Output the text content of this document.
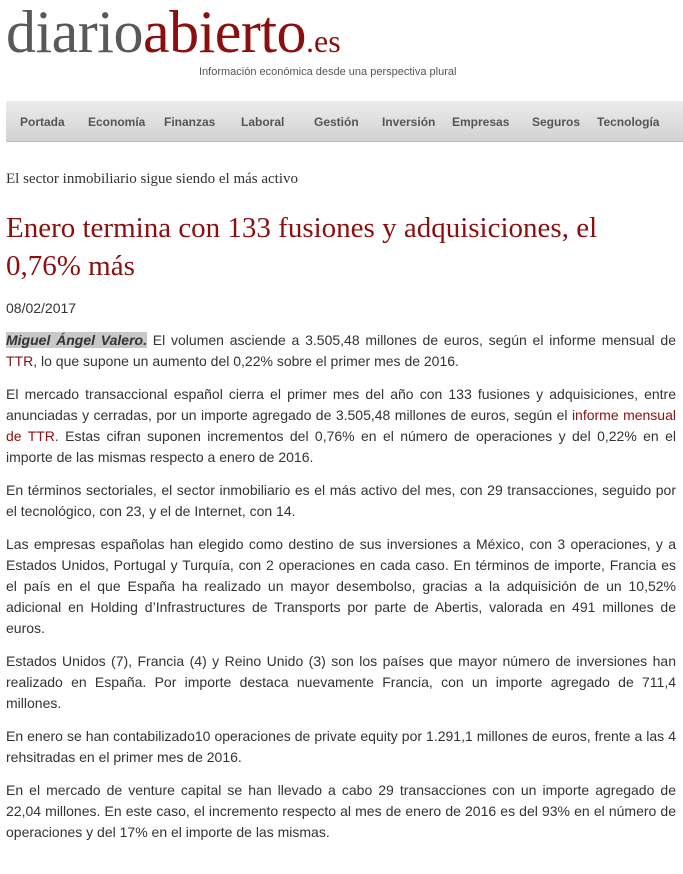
diarioabierto.es
Información económica desde una perspectiva plural
Portada Economía Finanzas Laboral Gestión Inversión Empresas Seguros Tecnología
El sector inmobiliario sigue siendo el más activo
Enero termina con 133 fusiones y adquisiciones, el 0,76% más
08/02/2017

Miguel Ángel Valero. El volumen asciende a 3.505,48 millones de euros, según el informe mensual de TTR, lo que supone un aumento del 0,22% sobre el primer mes de 2016.

El mercado transaccional español cierra el primer mes del año con 133 fusiones y adquisiciones, entre anunciadas y cerradas, por un importe agregado de 3.505,48 millones de euros, según el informe mensual de TTR. Estas cifran suponen incrementos del 0,76% en el número de operaciones y del 0,22% en el importe de las mismas respecto a enero de 2016.

En términos sectoriales, el sector inmobiliario es el más activo del mes, con 29 transacciones, seguido por el tecnológico, con 23, y el de Internet, con 14.

Las empresas españolas han elegido como destino de sus inversiones a México, con 3 operaciones, y a Estados Unidos, Portugal y Turquía, con 2 operaciones en cada caso. En términos de importe, Francia es el país en el que España ha realizado un mayor desembolso, gracias a la adquisición de un 10,52% adicional en Holding d’Infrastructures de Transports por parte de Abertis, valorada en 491 millones de euros.

Estados Unidos (7), Francia (4) y Reino Unido (3) son los países que mayor número de inversiones han realizado en España. Por importe destaca nuevamente Francia, con un importe agregado de 711,4 millones.

En enero se han contabilizado10 operaciones de private equity por 1.291,1 millones de euros, frente a las 4 rehsitradas en el primer mes de 2016.

En el mercado de venture capital se han llevado a cabo 29 transacciones con un importe agregado de 22,04 millones. En este caso, el incremento respecto al mes de enero de 2016 es del 93% en el número de operaciones y del 17% en el importe de las mismas.
